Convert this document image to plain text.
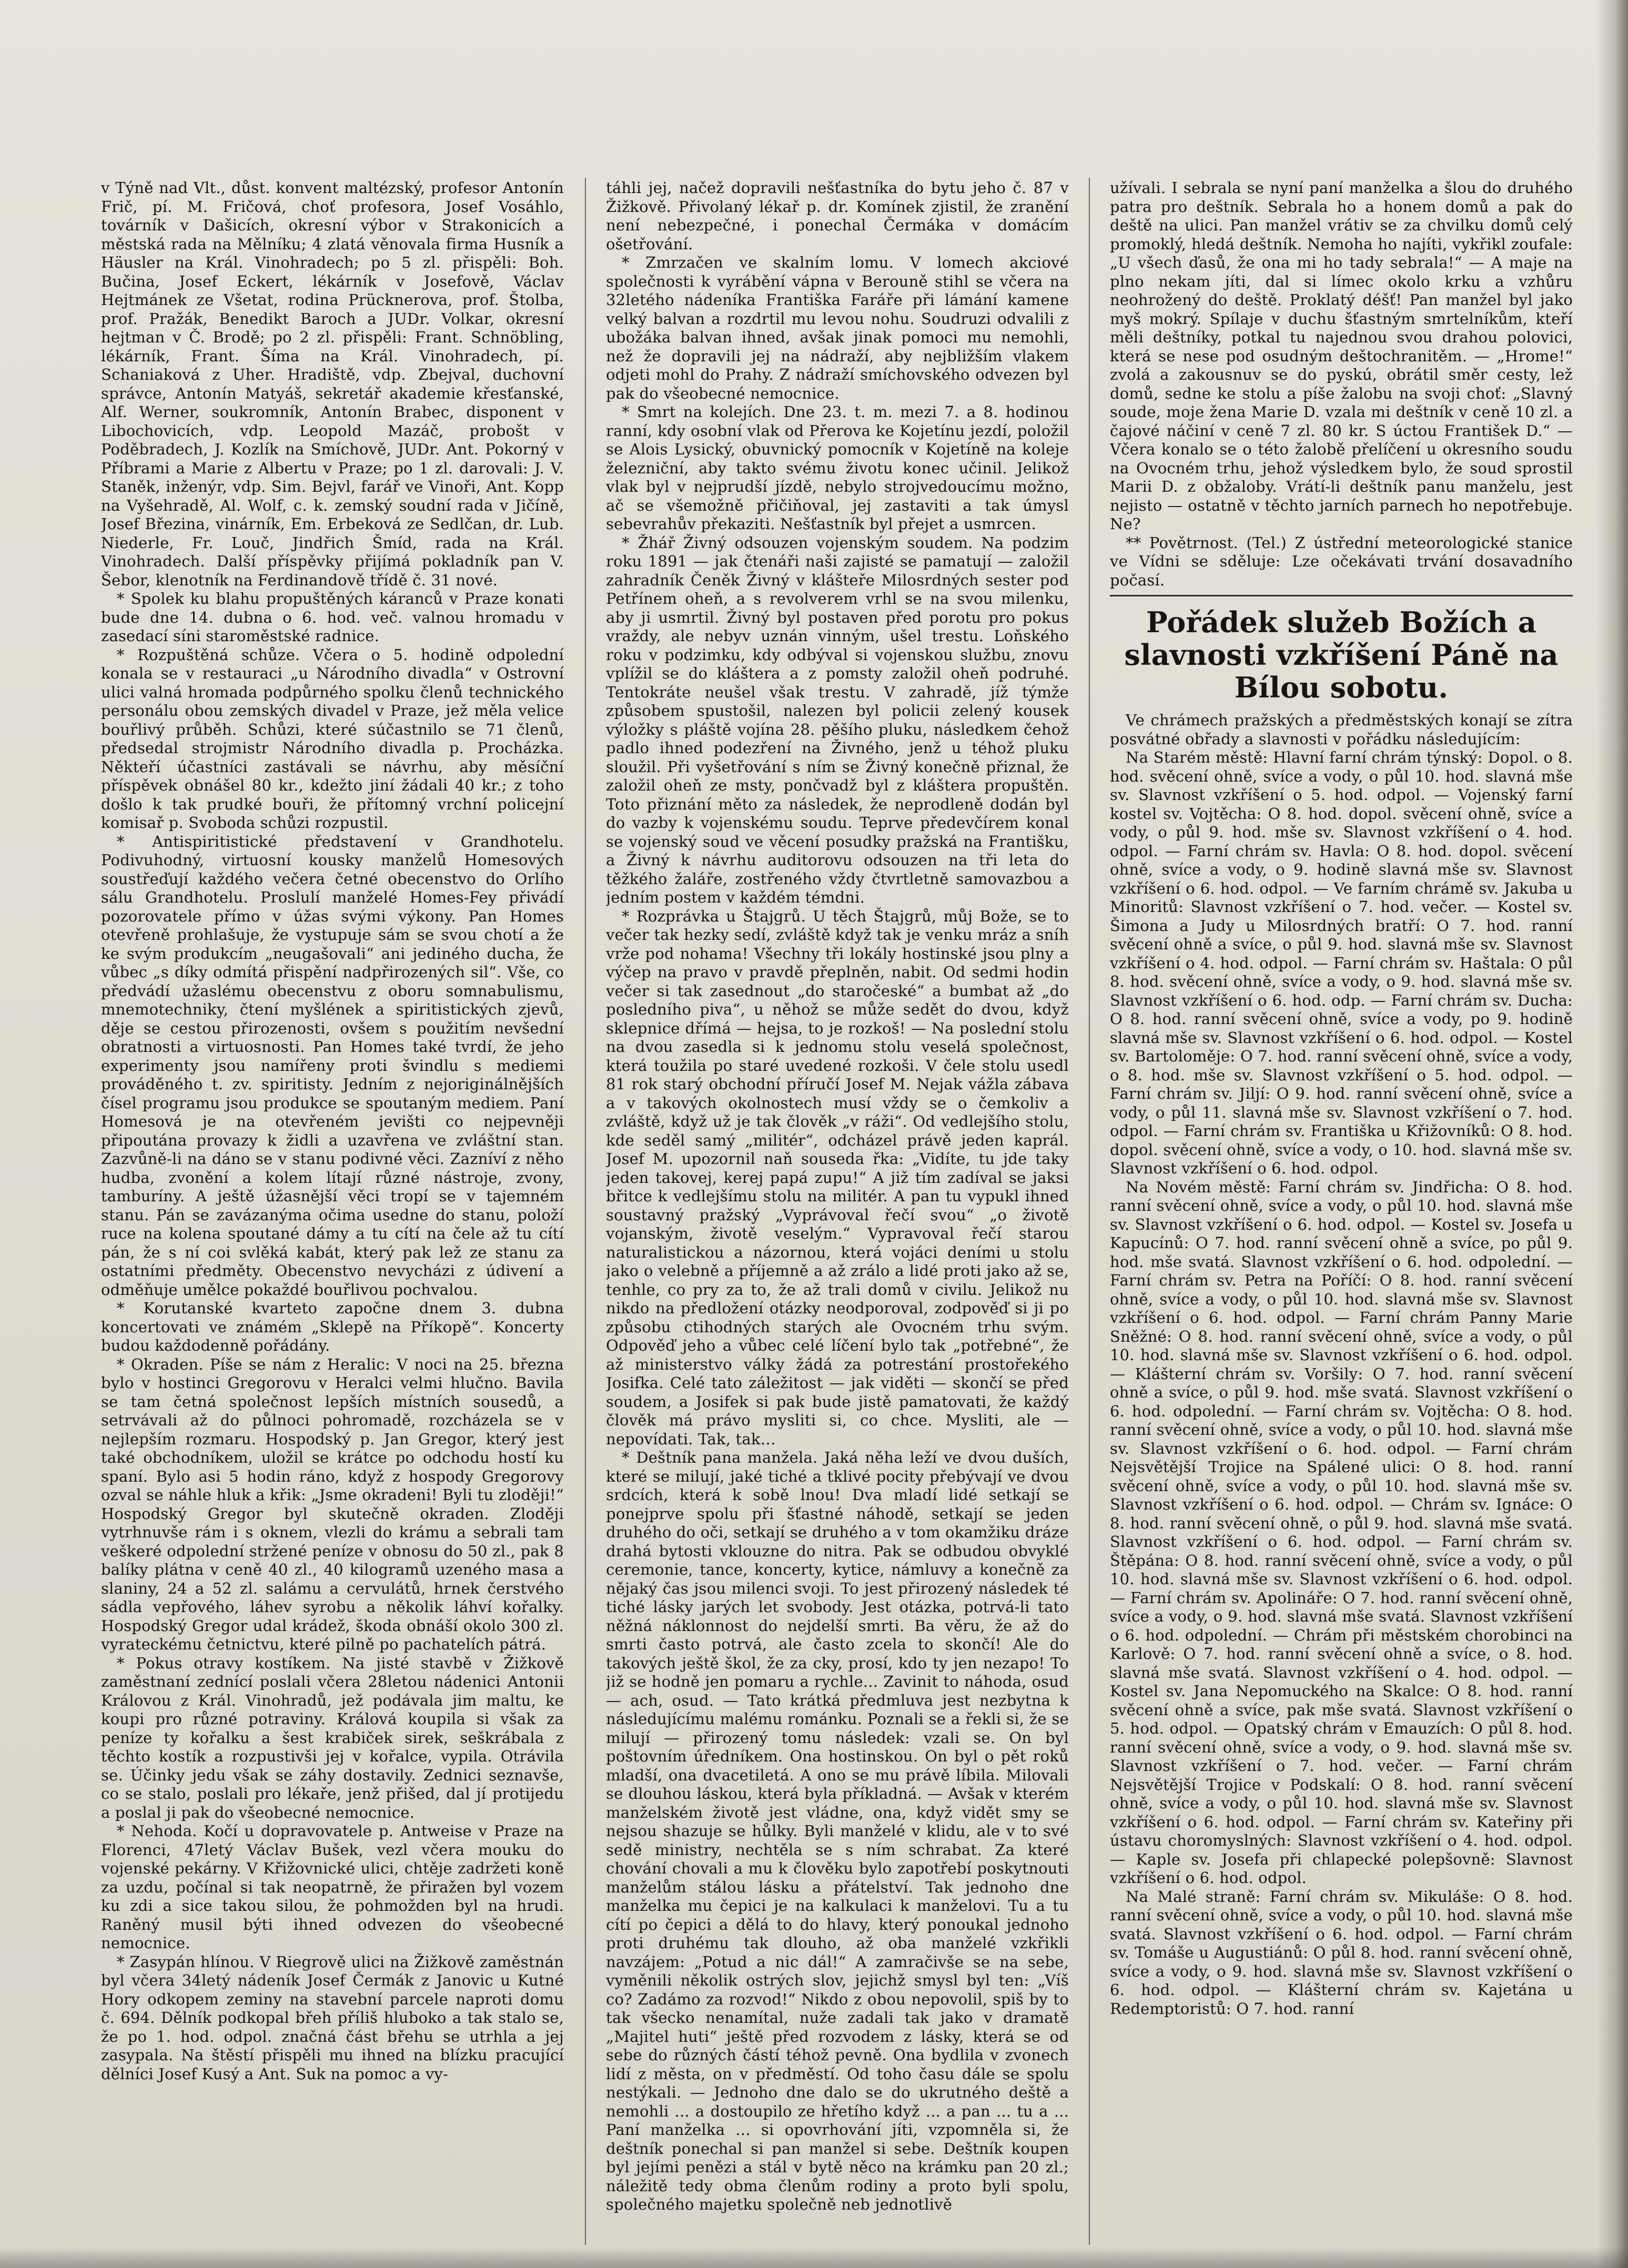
v Týně nad Vlt., důst. konvent maltézský, profesor Antonín Frič, pí. M. Fričová, choť profesora, Josef Vosáhlo, továrník v Dašicích, okresní výbor v Strakonicích a městská rada na Mělníku; 4 zlatá věnovala firma Husník a Häusler na Král. Vinohradech; po 5 zl. přispěli: Boh. Bučina, Josef Eckert, lékárník v Josefově, Václav Hejtmánek ze Všetat, rodina Prücknerova, prof. Štolba, prof. Pražák, Benedikt Baroch a JUDr. Volkar, okresní hejtman v Č. Brodě; po 2 zl. přispěli: Frant. Schnöbling, lékárník, Frant. Šíma na Král. Vinohradech, pí. Schaniaková z Uher. Hradiště, vdp. Zbejval, duchovní správce, Antonín Matyáš, sekretář akademie křesťanské, Alf. Werner, soukromník, Antonín Brabec, disponent v Libochovicích, vdp. Leopold Mazáč, probošt v Poděbradech, J. Kozlík na Smíchově, JUDr. Ant. Pokorný v Příbrami a Marie z Albertu v Praze; po 1 zl. darovali: J. V. Staněk, inženýr, vdp. Sim. Bejvl, farář ve Vinoři, Ant. Kopp na Vyšehradě, Al. Wolf, c. k. zemský soudní rada v Jičíně, Josef Březina, vinárník, Em. Erbeková ze Sedlčan, dr. Lub. Niederle, Fr. Louč, Jindřich Šmíd, rada na Král. Vinohradech. Další příspěvky přijímá pokladník pan V. Šebor, klenotník na Ferdinandově třídě č. 31 nové.

* Spolek ku blahu propuštěných káranců v Praze konati bude dne 14. dubna o 6. hod. več. valnou hromadu v zasedací síni staroměstské radnice.

* Rozpuštěná schůze. Včera o 5. hodině odpolední konala se v restauraci „u Národního divadla“ v Ostrovní ulici valná hromada podpůrného spolku členů technického personálu obou zemských divadel v Praze, jež měla velice bouřlivý průběh. Schůzi, které súčastnilo se 71 členů, předsedal strojmistr Národního divadla p. Procházka. Někteří účastníci zastávali se návrhu, aby měsíční příspěvek obnášel 80 kr., kdežto jiní žádali 40 kr.; z toho došlo k tak prudké bouři, že přítomný vrchní policejní komisař p. Svoboda schůzi rozpustil.

* Antispiritistické představení v Grandhotelu. Podivuhodný, virtuosní kousky manželů Homesových soustřeďují každého večera četné obecenstvo do Orlího sálu Grandhotelu. Proslulí manželé Homes-Fey přivádí pozorovatele přímo v úžas svými výkony. Pan Homes otevřeně prohlašuje, že vystupuje sám se svou chotí a že ke svým produkcím „neugašovali“ ani jediného ducha, že vůbec „s díky odmítá přispění nadpřirozených sil“. Vše, co předvádí užaslému obecenstvu z oboru somnabulismu, mnemotechniky, čtení myšlének a spiritistických zjevů, děje se cestou přirozenosti, ovšem s použitím nevšední obratnosti a virtuosnosti. Pan Homes také tvrdí, že jeho experimenty jsou namířeny proti švindlu s mediemi prováděného t. zv. spiritisty. Jedním z nejoriginálnějších čísel programu jsou produkce se spoutaným mediem. Paní Homesová je na otevřeném jevišti co nejpevněji připoutána provazy k židli a uzavřena ve zvláštní stan. Zazvůně-li na dáno se v stanu podivné věci. Zazníví z něho hudba, zvonění a kolem lítají různé nástroje, zvony, tamburíny. A ještě úžasnější věci tropí se v tajemném stanu. Pán se zavázanýma očima usedne do stanu, položí ruce na kolena spoutané dámy a tu cítí na čele až tu cítí pán, že s ní coi svlěká kabát, který pak lež ze stanu za ostatními předměty. Obecenstvo nevycházi z údivení a odměňuje umělce pokaždé bouřlivou pochvalou.

* Korutanské kvarteto započne dnem 3. dubna koncertovati ve známém „Sklepě na Příkopě“. Koncerty budou každodenně pořádány.

* Okraden. Píše se nám z Heralic: V noci na 25. března bylo v hostinci Gregorovu v Heralci velmi hlučno. Bavila se tam četná společnost lepších místních sousedů, a setrvávali až do půlnoci pohromadě, rozcházela se v nejlepším rozmaru. Hospodský p. Jan Gregor, který jest také obchodníkem, uložil se krátce po odchodu hostí ku spaní. Bylo asi 5 hodin ráno, když z hospody Gregorovy ozval se náhle hluk a křik: „Jsme okradeni! Byli tu zloději!“ Hospodský Gregor byl skutečně okraden. Zloději vytrhnuvše rám i s oknem, vlezli do krámu a sebrali tam veškeré odpolední stržené peníze v obnosu do 50 zl., pak 8 balíky plátna v ceně 40 zl., 40 kilogramů uzeného masa a slaniny, 24 a 52 zl. salámu a cervulátů, hrnek čerstvého sádla vepřového, láhev syrobu a několik láhví kořalky. Hospodský Gregor udal krádež, škoda obnáší okolo 300 zl. vyrateckému četnictvu, které pilně po pachatelích pátrá.

* Pokus otravy kostíkem. Na jisté stavbě v Žižkově zaměstnaní zednící poslali včera 28letou nádenici Antonii Královou z Král. Vinohradů, jež podávala jim maltu, ke koupi pro různé potraviny. Králová koupila si však za peníze ty kořalku a šest krabiček sirek, seškrábala z těchto kostík a rozpustivši jej v kořalce, vypila. Otrávila se. Účinky jedu však se záhy dostavily. Zednici seznavše, co se stalo, poslali pro lékaře, jenž přišed, dal jí protijedu a poslal ji pak do všeobecné nemocnice.

* Nehoda. Kočí u dopravovatele p. Antweise v Praze na Florenci, 47letý Václav Bušek, vezl včera mouku do vojenské pekárny. V Křižovnické ulici, chtěje zadržeti koně za uzdu, počínal si tak neopatrně, že přiražen byl vozem ku zdi a sice takou silou, že pohmožden byl na hrudi. Raněný musil býti ihned odvezen do všeobecné nemocnice.

* Zasypán hlínou. V Riegrově ulici na Žižkově zaměstnán byl včera 34letý nádeník Josef Čermák z Janovic u Kutné Hory odkopem zeminy na stavební parcele naproti domu č. 694. Dělník podkopal břeh příliš hluboko a tak stalo se, že po 1. hod. odpol. značná část břehu se utrhla a jej zasypala. Na štěstí přispěli mu ihned na blízku pracující dělníci Josef Kusý a Ant. Suk na pomoc a vy-

táhli jej, načež dopravili nešťastníka do bytu jeho č. 87 v Žižkově. Přivolaný lékař p. dr. Komínek zjistil, že zranění není nebezpečné, i ponechal Čermáka v domácím ošetřování.

* Zmrzačen ve skalním lomu. V lomech akciové společnosti k vyrábění vápna v Berouně stihl se včera na 32letého nádeníka Františka Faráře při lámání kamene velký balvan a rozdrtil mu levou nohu. Soudruzi odvalili z ubožáka balvan ihned, avšak jinak pomoci mu nemohli, než že dopravili jej na nádraží, aby nejbližším vlakem odjeti mohl do Prahy. Z nádraží smíchovského odvezen byl pak do všeobecné nemocnice.

* Smrt na kolejích. Dne 23. t. m. mezi 7. a 8. hodinou ranní, kdy osobní vlak od Přerova ke Kojetínu jezdí, položil se Alois Lysický, obuvnický pomocník v Kojetíně na koleje železniční, aby takto svému životu konec učinil. Jelikož vlak byl v nejprudší jízdě, nebylo strojvedoucímu možno, ač se všemožně přičiňoval, jej zastaviti a tak úmysl sebevrahův překaziti. Nešťastník byl přejet a usmrcen.

* Žhář Živný odsouzen vojenským soudem. Na podzim roku 1891 — jak čtenáři naši zajisté se pamatují — založil zahradník Čeněk Živný v klášteře Milosrdných sester pod Petřínem oheň, a s revolverem vrhl se na svou milenku, aby ji usmrtil. Živný byl postaven před porotu pro pokus vraždy, ale nebyv uznán vinným, ušel trestu. Loňského roku v podzimku, kdy odbýval si vojenskou službu, znovu vplížil se do kláštera a z pomsty založil oheň podruhé. Tentokráte neušel však trestu. V zahradě, jíž týmže způsobem spustošil, nalezen byl policii zelený kousek výložky s pláště vojína 28. pěšího pluku, následkem čehož padlo ihned podezření na Živného, jenž u téhož pluku sloužil. Při vyšetřování s ním se Živný konečně přiznal, že založil oheň ze msty, pončvadž byl z kláštera propuštěn. Toto přiznání měto za následek, že neprodleně dodán byl do vazby k vojenskému soudu. Teprve předevčírem konal se vojenský soud ve věcení posudky pražská na Františku, a Živný k návrhu auditorovu odsouzen na tři leta do těžkého žaláře, zostřeného vždy čtvrtletně samovazbou a jedním postem v každém témdni.

* Rozprávka u Štajgrů. U těch Štajgrů, můj Bože, se to večer tak hezky sedí, zvláště když tak je venku mráz a sníh vrže pod nohama! Všechny tři lokály hostinské jsou plny a výčep na pravo v pravdě přeplněn, nabit. Od sedmi hodin večer si tak zasednout „do staročeské“ a bumbat až „do posledního piva“, u něhož se může sedět do dvou, když sklepnice dřímá — hejsa, to je rozkoš! — Na poslední stolu na dvou zasedla si k jednomu stolu veselá společnost, která toužila po staré uvedené rozkoši. V čele stolu usedl 81 rok starý obchodní příručí Josef M. Nejak vážla zábava a v takových okolnostech musí vždy se o čemkoliv a zvláště, když už je tak člověk „v ráži“. Od vedlejšího stolu, kde seděl samý „militér“, odcházel právě jeden kaprál. Josef M. upozornil naň souseda řka: „Vidíte, tu jde taky jeden takovej, kerej papá zupu!“ A již tím zadíval se jaksi břitce k vedlejšímu stolu na militér. A pan tu vypukl ihned soustavný pražský „Vyprávoval řečí svou“ „o životě vojanským, životě veselým.“ Vypravoval řečí starou naturalistickou a názornou, která vojáci deními u stolu jako o velebně a příjemně a až zrálo a lidé proti jako až se, tenhle, co pry za to, že až trali domů v civilu. Jelikož nu nikdo na předložení otázky neodporoval, zodpověď si ji po způsobu ctihodných starých ale Ovocném trhu svým. Odpověď jeho a vůbec celé líčení bylo tak „potřebné“, že až ministerstvo války žádá za potrestání prostořekého Josifka. Celé tato záležitost — jak viděti — skončí se před soudem, a Josifek si pak bude jistě pamatovati, že každý člověk má právo mysliti si, co chce. Mysliti, ale — nepovídati. Tak, tak…

* Deštník pana manžela. Jaká něha leží ve dvou duších, které se milují, jaké tiché a tklivé pocity přebývají ve dvou srdcích, která k sobě lnou! Dva mladí lidé setkají se ponejprve spolu při šťastné náhodě, setkají se jeden druhého do oči, setkají se druhého a v tom okamžiku dráze drahá bytosti vklouzne do nitra. Pak se odbudou obvyklé ceremonie, tance, koncerty, kytice, námluvy a konečně za nějaký čas jsou milenci svoji. To jest přirozený následek té tiché lásky jarých let svobody. Jest otázka, potrvá-li tato něžná náklonnost do nejdelší smrti. Ba věru, že až do smrti často potrvá, ale často zcela to skončí! Ale do takových ještě škol, že za cky, prosí, kdo ty jen nezapo! To již se hodně jen pomaru a rychle... Zavinit to náhoda, osud — ach, osud. — Tato krátká předmluva jest nezbytna k následujícímu malému románku. Poznali se a řekli si, že se milují — přirozený tomu následek: vzali se. On byl poštovním úředníkem. Ona hostinskou. On byl o pět roků mladší, ona dvacetiletá. A ono se mu právě líbila. Milovali se dlouhou láskou, která byla příkladná. — Avšak v kterém manželském životě jest vládne, ona, když vidět smy se nejsou shazuje se hůlky. Byli manželé v klidu, ale v to své sedě ministry, nechtěla se s ním schrabat. Za které chování chovali a mu k člověku bylo zapotřebí poskytnouti manželům stálou lásku a přátelství. Tak jednoho dne manželka mu čepici je na kalkulaci k manželovi. Tu a tu cítí po čepici a dělá to do hlavy, který ponoukal jednoho proti druhému tak dlouho, až oba manželé vzkřikli navzájem: „Potud a nic dál!“ A zamračivše se na sebe, vyměnili několik ostrých slov, jejichž smysl byl ten: „Víš co? Zadámo za rozvod!“ Nikdo z obou nepovolil, spiš by to tak všecko nenamítal, nuže zadali tak jako v dramatě „Majitel huti“ ještě před rozvodem z lásky, která se od sebe do různých částí téhož pevně. Ona bydlila v zvonech lidí z města, on v předměstí. Od toho času dále se spolu nestýkali. — Jednoho dne dalo se do ukrutného deště a nemohli ... a dostoupilo ze hřetího když ... a pan ... tu a ... Paní manželka ... si opovrhování jíti, vzpomněla si, že deštník ponechal si pan manžel si sebe. Deštník koupen byl jejími penězi a stál v bytě něco na krámku pan 20 zl.; náležitě tedy obma členům rodiny a proto byli spolu, společného majetku společně neb jednotlivě

užívali. I sebrala se nyní paní manželka a šlou do druhého patra pro deštník. Sebrala ho a honem domů a pak do deště na ulici. Pan manžel vrátiv se za chvilku domů celý promoklý, hledá deštník. Nemoha ho najíti, vykřikl zoufale: „U všech ďasů, že ona mi ho tady sebrala!“ — A maje na plno nekam jíti, dal si límec okolo krku a vzhůru neohrožený do deště. Proklatý déšť! Pan manžel byl jako myš mokrý. Spílaje v duchu šťastným smrtelníkům, kteří měli deštníky, potkal tu najednou svou drahou polovici, která se nese pod osudným deštochranitěm. — „Hrome!“ zvolá a zakousnuv se do pyskú, obrátil směr cesty, lež domů, sedne ke stolu a píše žalobu na svoji choť: „Slavný soude, moje žena Marie D. vzala mi deštník v ceně 10 zl. a čajové náčiní v ceně 7 zl. 80 kr. S úctou František D.“ — Včera konalo se o této žalobě přelíčení u okresního soudu na Ovocném trhu, jehož výsledkem bylo, že soud sprostil Marii D. z obžaloby. Vrátí-li deštník panu manželu, jest nejisto — ostatně v těchto jarních parnech ho nepotřebuje. Ne?

** Povětrnost. (Tel.) Z ústřední meteorologické stanice ve Vídni se sděluje: Lze očekávati trvání dosavadního počasí.

Pořádek služeb Božích a slavnosti vzkříšení Páně na Bílou sobotu.

Ve chrámech pražských a předměstských konají se zítra posvátné obřady a slavnosti v pořádku následujícím:

Na Starém městě: Hlavní farní chrám týnský: Dopol. o 8. hod. svěcení ohně, svíce a vody, o půl 10. hod. slavná mše sv. Slavnost vzkříšení o 5. hod. odpol. — Vojenský farní kostel sv. Vojtěcha: O 8. hod. dopol. svěcení ohně, svíce a vody, o půl 9. hod. mše sv. Slavnost vzkříšení o 4. hod. odpol. — Farní chrám sv. Havla: O 8. hod. dopol. svěcení ohně, svíce a vody, o 9. hodině slavná mše sv. Slavnost vzkříšení o 6. hod. odpol. — Ve farním chrámě sv. Jakuba u Minoritů: Slavnost vzkříšení o 7. hod. večer. — Kostel sv. Šimona a Judy u Milosrdných bratří: O 7. hod. ranní svěcení ohně a svíce, o půl 9. hod. slavná mše sv. Slavnost vzkříšení o 4. hod. odpol. — Farní chrám sv. Haštala: O půl 8. hod. svěcení ohně, svíce a vody, o 9. hod. slavná mše sv. Slavnost vzkříšení o 6. hod. odp. — Farní chrám sv. Ducha: O 8. hod. ranní svěcení ohně, svíce a vody, po 9. hodině slavná mše sv. Slavnost vzkříšení o 6. hod. odpol. — Kostel sv. Bartoloměje: O 7. hod. ranní svěcení ohně, svíce a vody, o 8. hod. mše sv. Slavnost vzkříšení o 5. hod. odpol. — Farní chrám sv. Jiljí: O 9. hod. ranní svěcení ohně, svíce a vody, o půl 11. slavná mše sv. Slavnost vzkříšení o 7. hod. odpol. — Farní chrám sv. Františka u Křižovníků: O 8. hod. dopol. svěcení ohně, svíce a vody, o 10. hod. slavná mše sv. Slavnost vzkříšení o 6. hod. odpol.

Na Novém městě: Farní chrám sv. Jindřicha: O 8. hod. ranní svěcení ohně, svíce a vody, o půl 10. hod. slavná mše sv. Slavnost vzkříšení o 6. hod. odpol. — Kostel sv. Josefa u Kapucínů: O 7. hod. ranní svěcení ohně a svíce, po půl 9. hod. mše svatá. Slavnost vzkříšení o 6. hod. odpolední. — Farní chrám sv. Petra na Poříčí: O 8. hod. ranní svěcení ohně, svíce a vody, o půl 10. hod. slavná mše sv. Slavnost vzkříšení o 6. hod. odpol. — Farní chrám Panny Marie Sněžné: O 8. hod. ranní svěcení ohně, svíce a vody, o půl 10. hod. slavná mše sv. Slavnost vzkříšení o 6. hod. odpol. — Klášterní chrám sv. Voršily: O 7. hod. ranní svěcení ohně a svíce, o půl 9. hod. mše svatá. Slavnost vzkříšení o 6. hod. odpolední. — Farní chrám sv. Vojtěcha: O 8. hod. ranní svěcení ohně, svíce a vody, o půl 10. hod. slavná mše sv. Slavnost vzkříšení o 6. hod. odpol. — Farní chrám Nejsvětější Trojice na Spálené ulici: O 8. hod. ranní svěcení ohně, svíce a vody, o půl 10. hod. slavná mše sv. Slavnost vzkříšení o 6. hod. odpol. — Chrám sv. Ignáce: O 8. hod. ranní svěcení ohně, o půl 9. hod. slavná mše svatá. Slavnost vzkříšení o 6. hod. odpol. — Farní chrám sv. Štěpána: O 8. hod. ranní svěcení ohně, svíce a vody, o půl 10. hod. slavná mše sv. Slavnost vzkříšení o 6. hod. odpol. — Farní chrám sv. Apolináře: O 7. hod. ranní svěcení ohně, svíce a vody, o 9. hod. slavná mše svatá. Slavnost vzkříšení o 6. hod. odpolední. — Chrám při městském chorobinci na Karlově: O 7. hod. ranní svěcení ohně a svíce, o 8. hod. slavná mše svatá. Slavnost vzkříšení o 4. hod. odpol. — Kostel sv. Jana Nepomuckého na Skalce: O 8. hod. ranní svěcení ohně a svíce, pak mše svatá. Slavnost vzkříšení o 5. hod. odpol. — Opatský chrám v Emauzích: O půl 8. hod. ranní svěcení ohně, svíce a vody, o 9. hod. slavná mše sv. Slavnost vzkříšení o 7. hod. večer. — Farní chrám Nejsvětější Trojice v Podskalí: O 8. hod. ranní svěcení ohně, svíce a vody, o půl 10. hod. slavná mše sv. Slavnost vzkříšení o 6. hod. odpol. — Farní chrám sv. Kateřiny při ústavu choromyslných: Slavnost vzkříšení o 4. hod. odpol. — Kaple sv. Josefa při chlapecké polepšovně: Slavnost vzkříšení o 6. hod. odpol.

Na Malé straně: Farní chrám sv. Mikuláše: O 8. hod. ranní svěcení ohně, svíce a vody, o půl 10. hod. slavná mše svatá. Slavnost vzkříšení o 6. hod. odpol. — Farní chrám sv. Tomáše u Augustiánů: O půl 8. hod. ranní svěcení ohně, svíce a vody, o 9. hod. slavná mše sv. Slavnost vzkříšení o 6. hod. odpol. — Klášterní chrám sv. Kajetána u Redemptoristů: O 7. hod. ranní
